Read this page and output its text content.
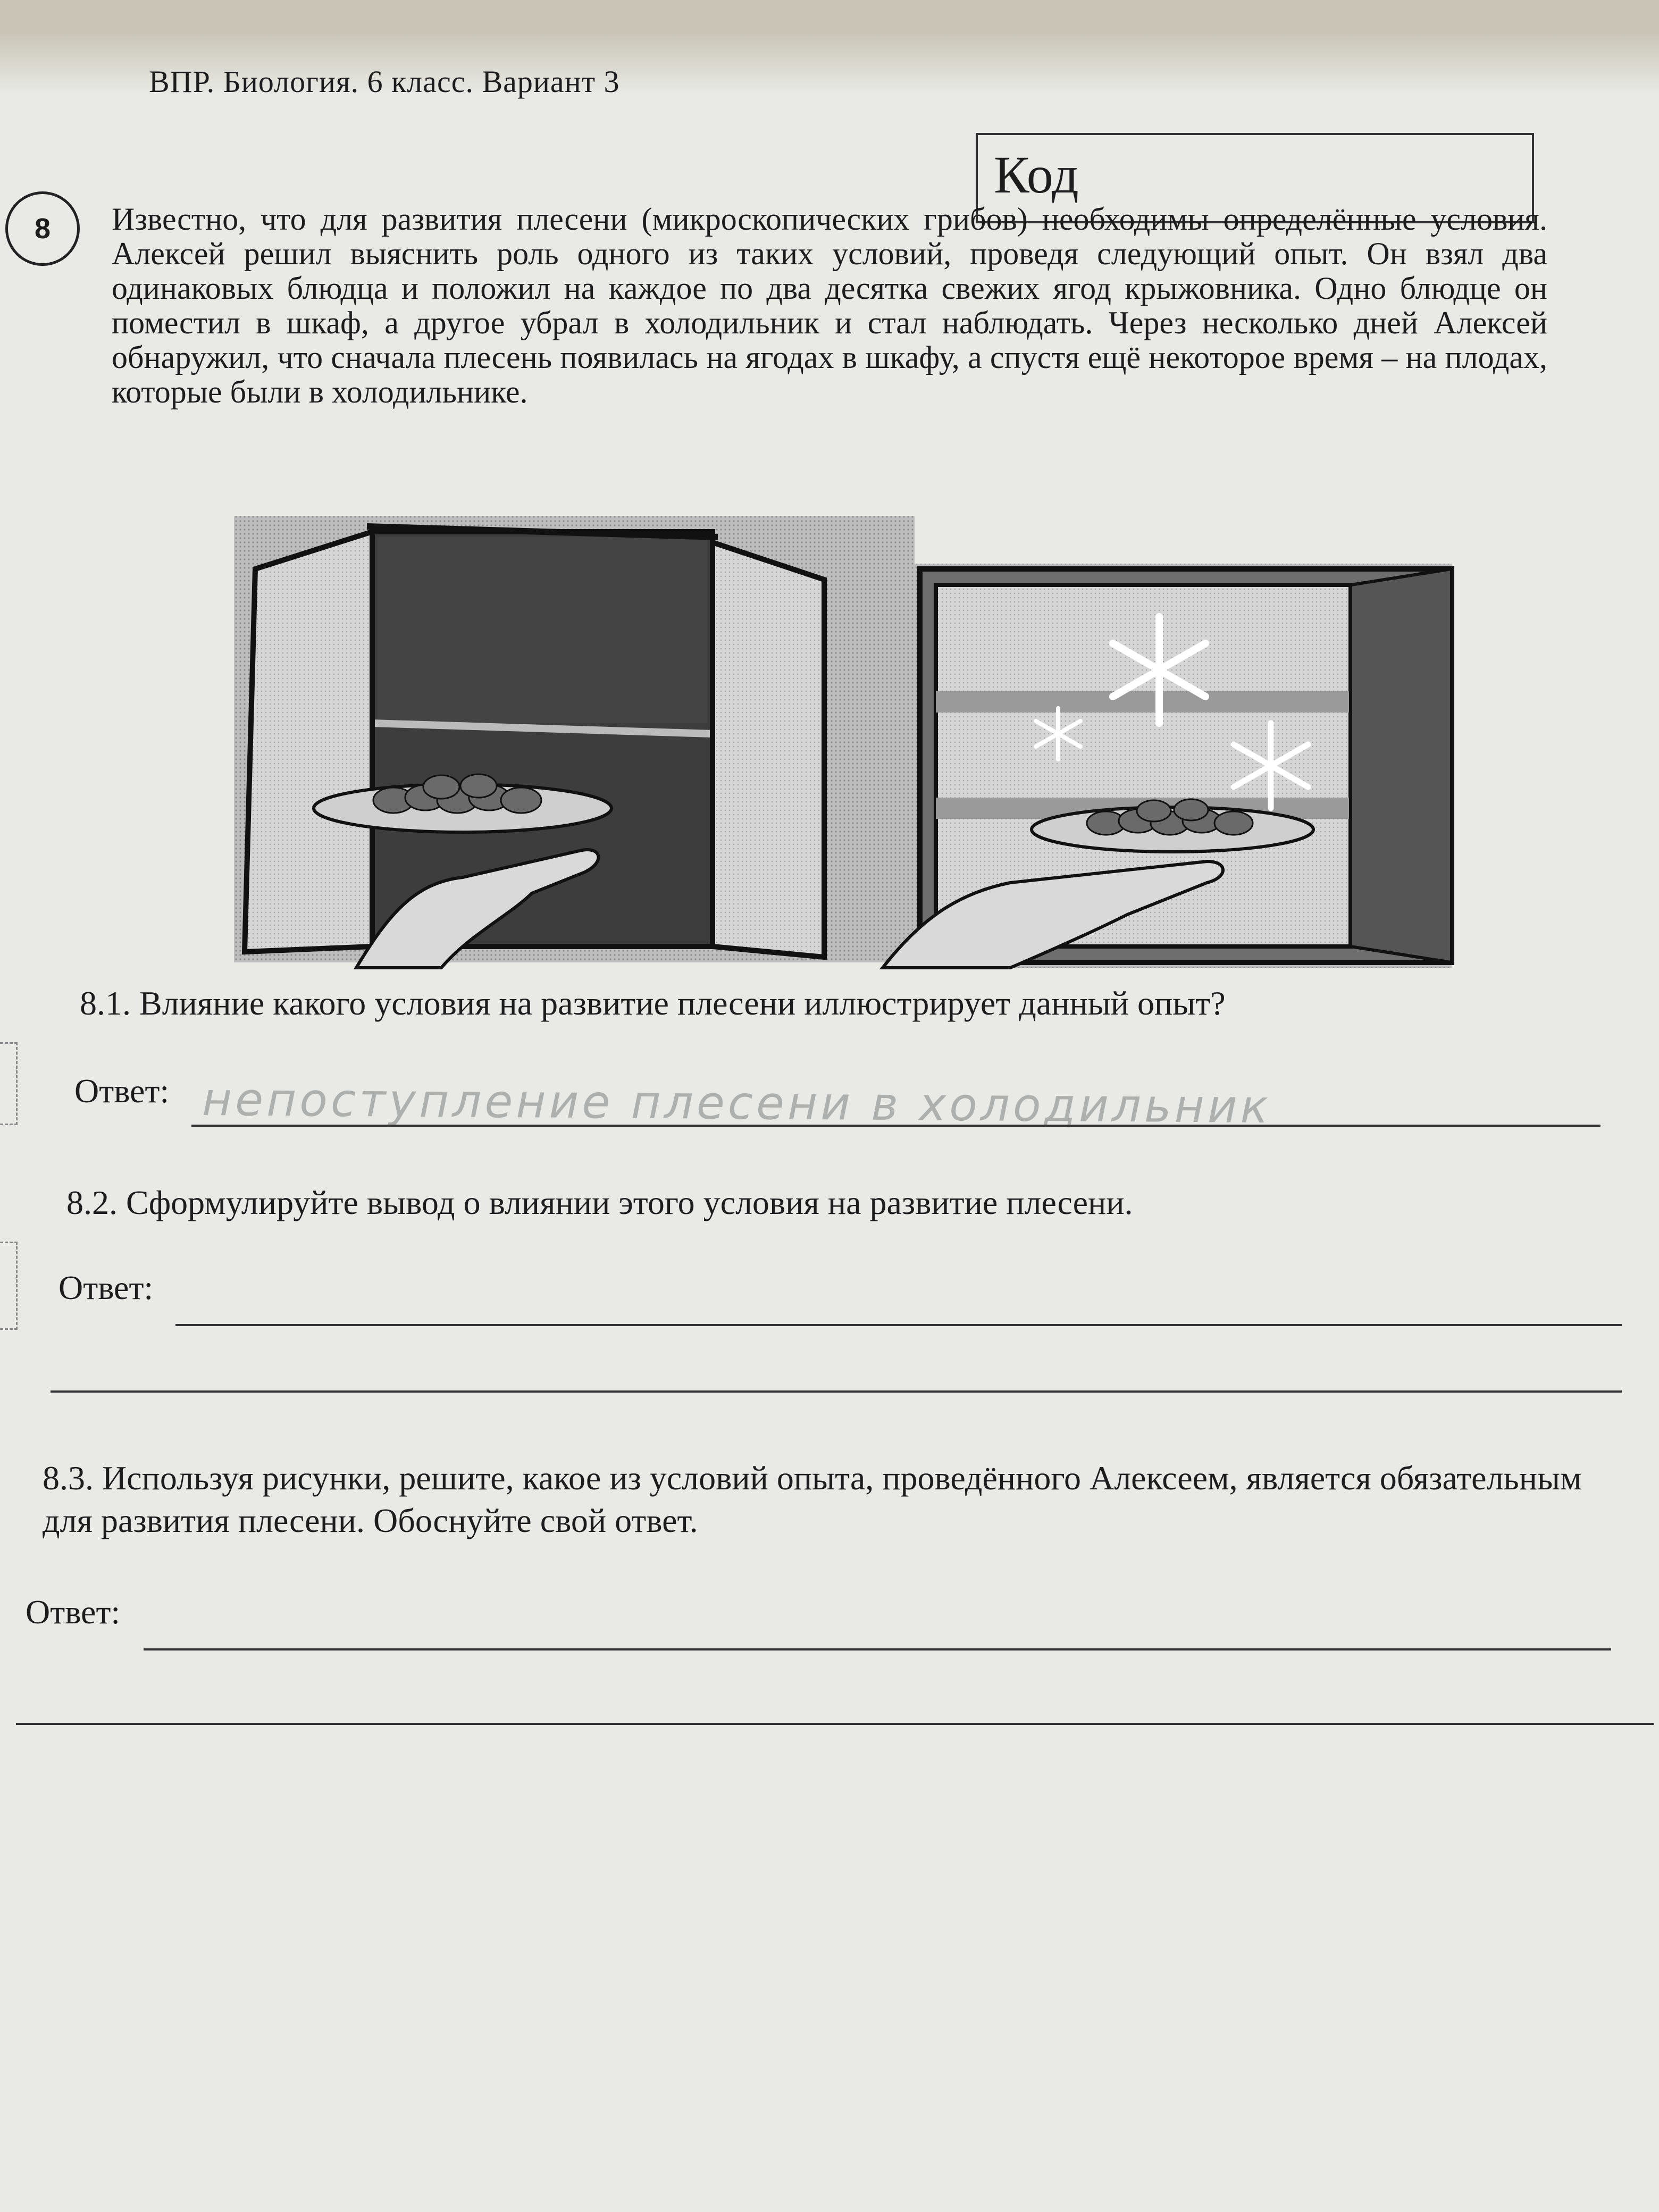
ВПР. Биология. 6 класс. Вариант 3
Код
8	Известно, что для развития плесени (микроскопических грибов) необходимы определённые условия. Алексей решил выяснить роль одного из таких условий, проведя следующий опыт. Он взял два одинаковых блюдца и положил на каждое по два десятка свежих ягод крыжовника. Одно блюдце он поместил в шкаф, а другое убрал в холодильник и стал наблюдать. Через несколько дней Алексей обнаружил, что сначала плесень появилась на ягодах в шкафу, а спустя ещё некоторое время – на плодах, которые были в холодильнике.
8.1. Влияние какого условия на развитие плесени иллюстрирует данный опыт?
Ответ: непоступление плесени в холодильник
8.2. Сформулируйте вывод о влиянии этого условия на развитие плесени.
Ответ:
8.3. Используя рисунки, решите, какое из условий опыта, проведённого Алексеем, является обязательным для развития плесени. Обоснуйте свой ответ.
Ответ:
